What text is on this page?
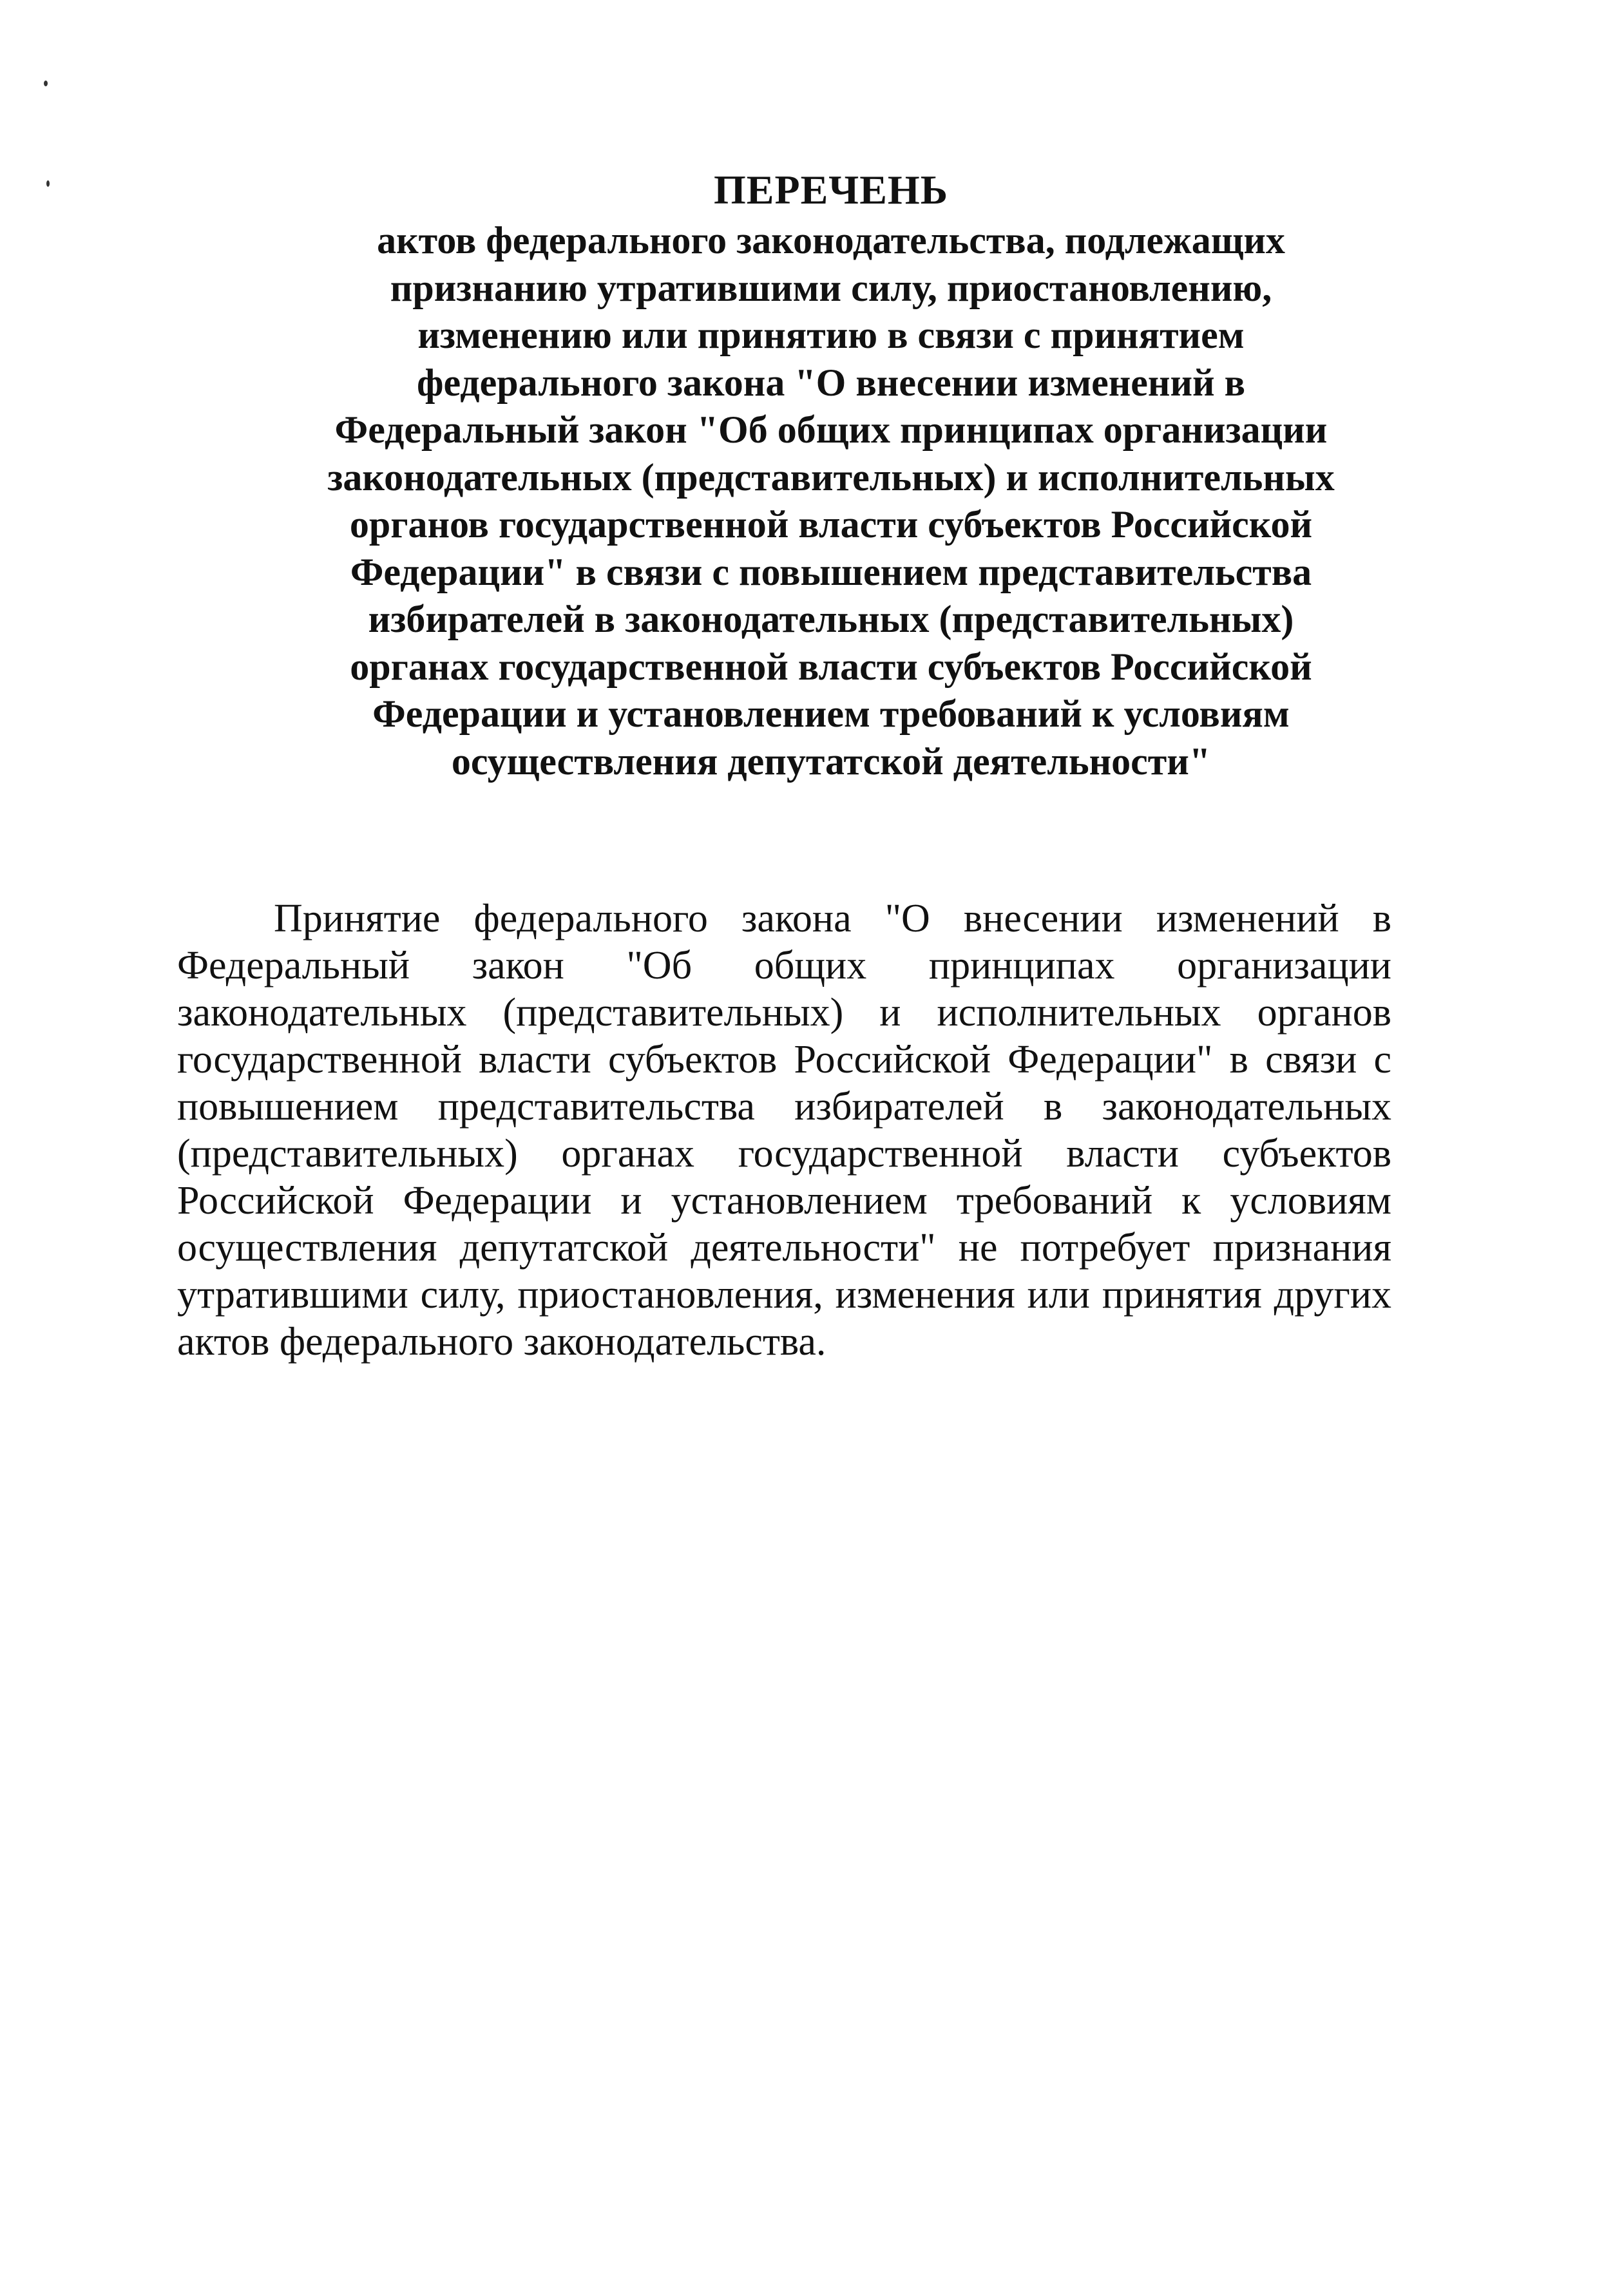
ПЕРЕЧЕНЬ
актов федерального законодательства, подлежащих
признанию утратившими силу, приостановлению,
изменению или принятию в связи с принятием
федерального закона "О внесении изменений в
Федеральный закон "Об общих принципах организации
законодательных (представительных) и исполнительных
органов государственной власти субъектов Российской
Федерации" в связи с повышением представительства
избирателей в законодательных (представительных)
органах государственной власти субъектов Российской
Федерации и установлением требований к условиям
осуществления депутатской деятельности"
Принятие федерального закона "О внесении изменений в
Федеральный закон "Об общих принципах организации
законодательных (представительных) и исполнительных органов
государственной власти субъектов Российской Федерации" в связи с
повышением представительства избирателей в законодательных
(представительных) органах государственной власти субъектов
Российской Федерации и установлением требований к условиям
осуществления депутатской деятельности" не потребует признания
утратившими силу, приостановления, изменения или принятия других
актов федерального законодательства.
